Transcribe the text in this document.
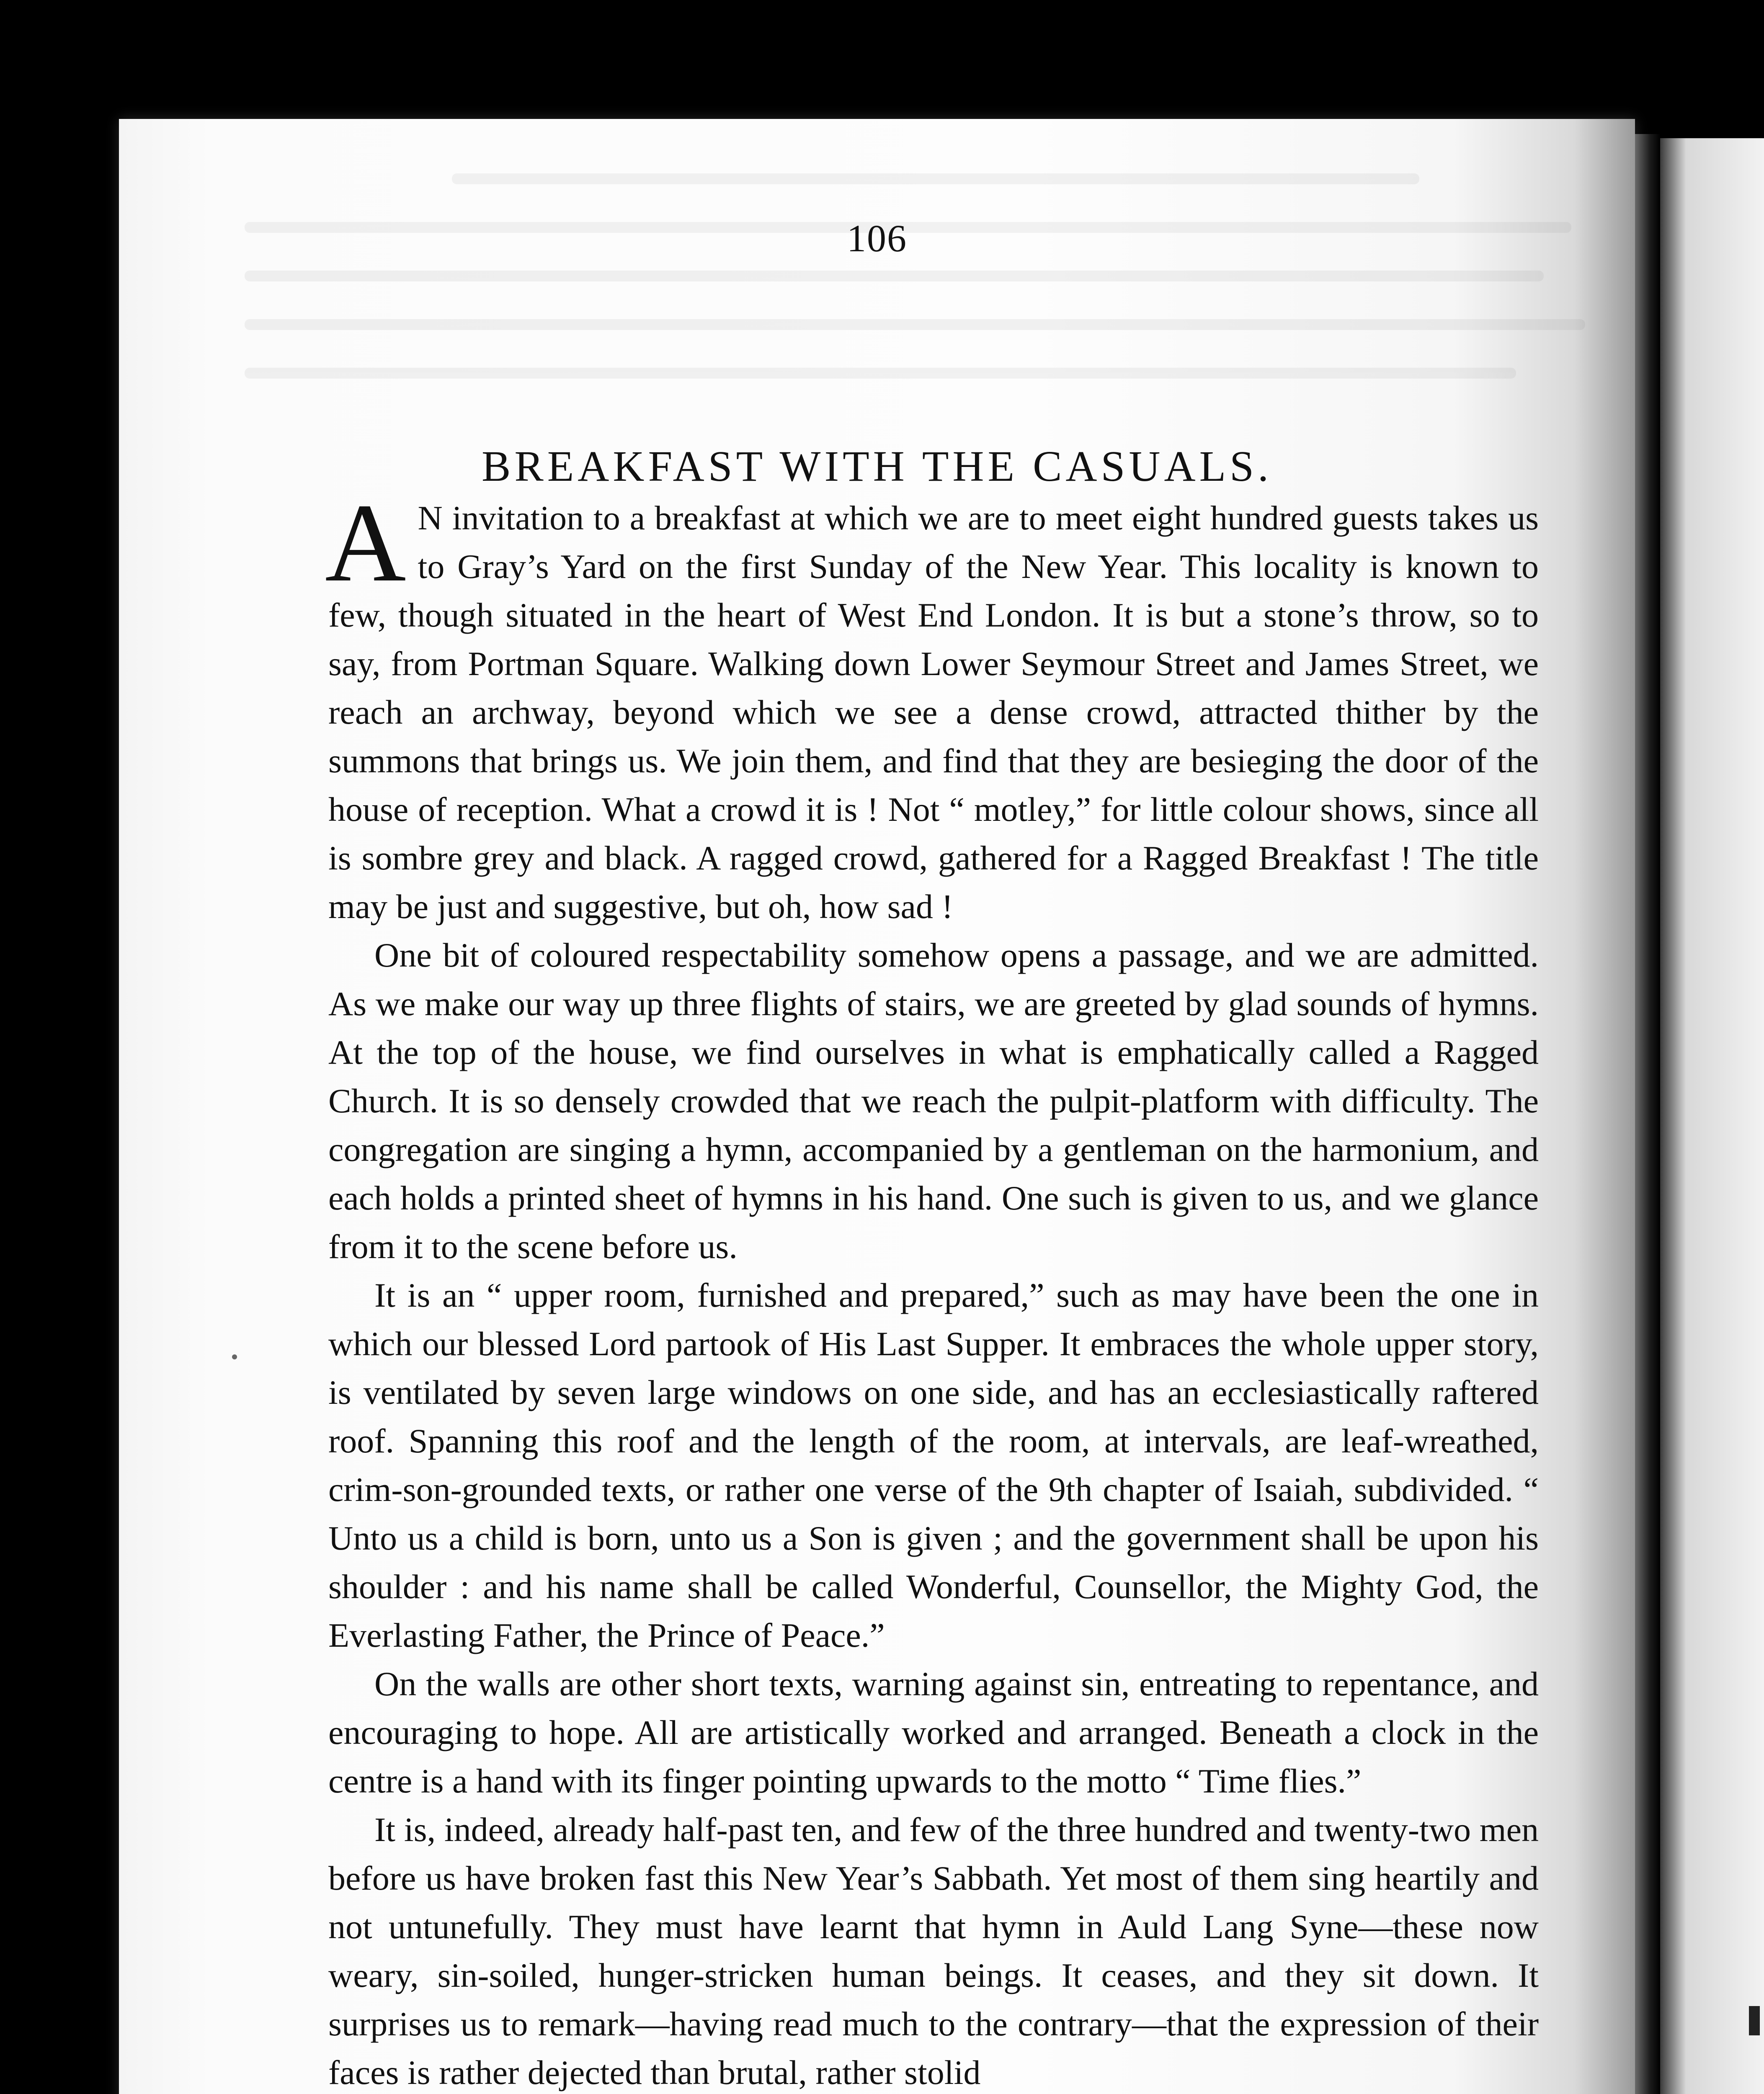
106
BREAKFAST WITH THE CASUALS.

A N invitation to a breakfast at which we are to meet eight hundred guests takes us to Gray’s Yard on the first Sunday of the New Year. This locality is known to few, though situated in the heart of West End London. It is but a stone’s throw, so to say, from Portman Square. Walking down Lower Seymour Street and James Street, we reach an archway, beyond which we see a dense crowd, attracted thither by the summons that brings us. We join them, and find that they are besieging the door of the house of reception. What a crowd it is ! Not “ motley,” for little colour shows, since all is sombre grey and black. A ragged crowd, gathered for a Ragged Breakfast ! The title may be just and suggestive, but oh, how sad !

One bit of coloured respectability somehow opens a passage, and we are admitted. As we make our way up three flights of stairs, we are greeted by glad sounds of hymns. At the top of the house, we find ourselves in what is emphatically called a Ragged Church. It is so densely crowded that we reach the pulpit-platform with difficulty. The congregation are singing a hymn, accompanied by a gentleman on the harmonium, and each holds a printed sheet of hymns in his hand. One such is given to us, and we glance from it to the scene before us.

It is an “ upper room, furnished and prepared,” such as may have been the one in which our blessed Lord partook of His Last Supper. It embraces the whole upper story, is ventilated by seven large windows on one side, and has an ecclesiastically raftered roof. Spanning this roof and the length of the room, at intervals, are leaf-wreathed, crim-son-grounded texts, or rather one verse of the 9th chapter of Isaiah, subdivided. “ Unto us a child is born, unto us a Son is given ; and the government shall be upon his shoulder : and his name shall be called Wonderful, Counsellor, the Mighty God, the Everlasting Father, the Prince of Peace.”

On the walls are other short texts, warning against sin, entreating to repentance, and encouraging to hope. All are artistically worked and arranged. Beneath a clock in the centre is a hand with its finger pointing upwards to the motto “ Time flies.”

It is, indeed, already half-past ten, and few of the three hundred and twenty-two men before us have broken fast this New Year’s Sabbath. Yet most of them sing heartily and not untunefully. They must have learnt that hymn in Auld Lang Syne—these now weary, sin-soiled, hunger-stricken human beings. It ceases, and they sit down. It surprises us to remark—having read much to the contrary—that the expression of their faces is rather dejected than brutal, rather stolid
